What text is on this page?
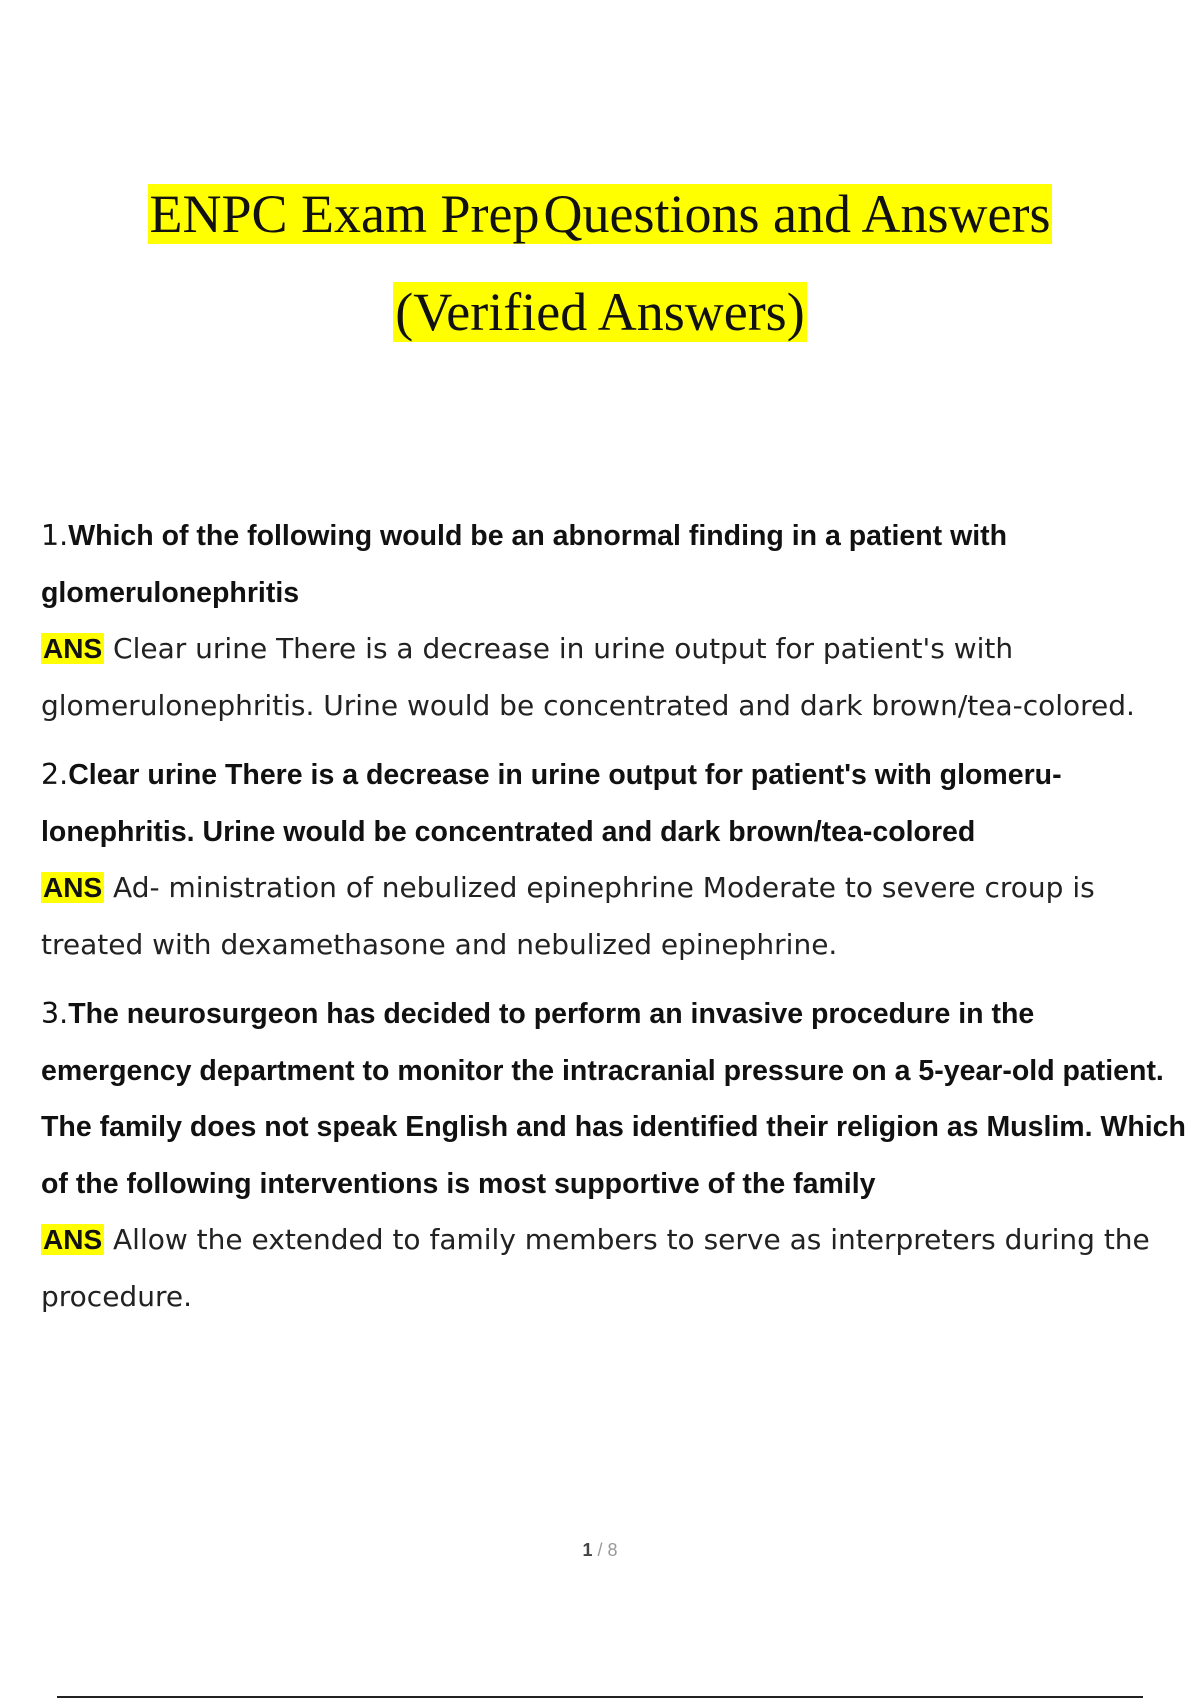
ENPC Exam PrepQuestions and Answers
(Verified Answers)
1.Which of the following would be an abnormal finding in a patient with glomerulonephritis
ANS Clear urine There is a decrease in urine output for patient's with glomerulonephritis. Urine would be concentrated and dark brown/tea-colored.
2.Clear urine There is a decrease in urine output for patient's with glomeru- lonephritis. Urine would be concentrated and dark brown/tea-colored
ANS Ad- ministration of nebulized epinephrine Moderate to severe croup is treated with dexamethasone and nebulized epinephrine.
3.The neurosurgeon has decided to perform an invasive procedure in the emergency department to monitor the intracranial pressure on a 5-year-old patient. The family does not speak English and has identified their religion as Muslim. Which of the following interventions is most supportive of the family
ANS Allow the extended to family members to serve as interpreters during the procedure.
1 / 8
